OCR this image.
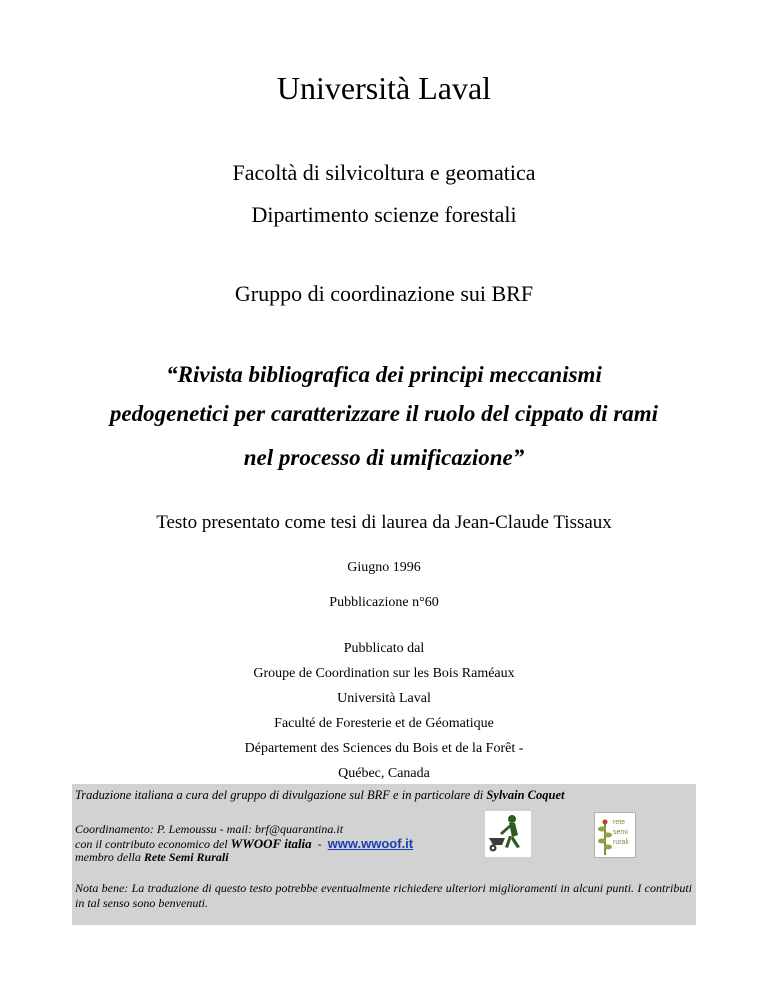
Università Laval
Facoltà di silvicoltura e geomatica
Dipartimento scienze forestali
Gruppo di coordinazione sui BRF
“Rivista bibliografica dei principi meccanismi
pedogenetici per caratterizzare il ruolo del cippato di rami
nel processo di umificazione”
Testo presentato come tesi di laurea da Jean-Claude Tissaux
Giugno 1996
Pubblicazione n°60
Pubblicato dal
Groupe de Coordination sur les Bois Raméaux
Università Laval
Faculté de Foresterie et de Géomatique
Département des Sciences du Bois et de la Forêt -
Québec, Canada
Traduzione italiana a cura del gruppo di divulgazione sul BRF e in particolare di Sylvain Coquet
Coordinamento: P. Lemoussu - mail: brf@quarantina.it
con il contributo economico del WWOOF italia  -  www.wwoof.it
membro della Rete Semi Rurali
rete
semi
rurali
Nota bene: La traduzione di questo testo potrebbe eventualmente richiedere ulteriori miglioramenti in alcuni punti. I contributi in tal senso sono benvenuti.
